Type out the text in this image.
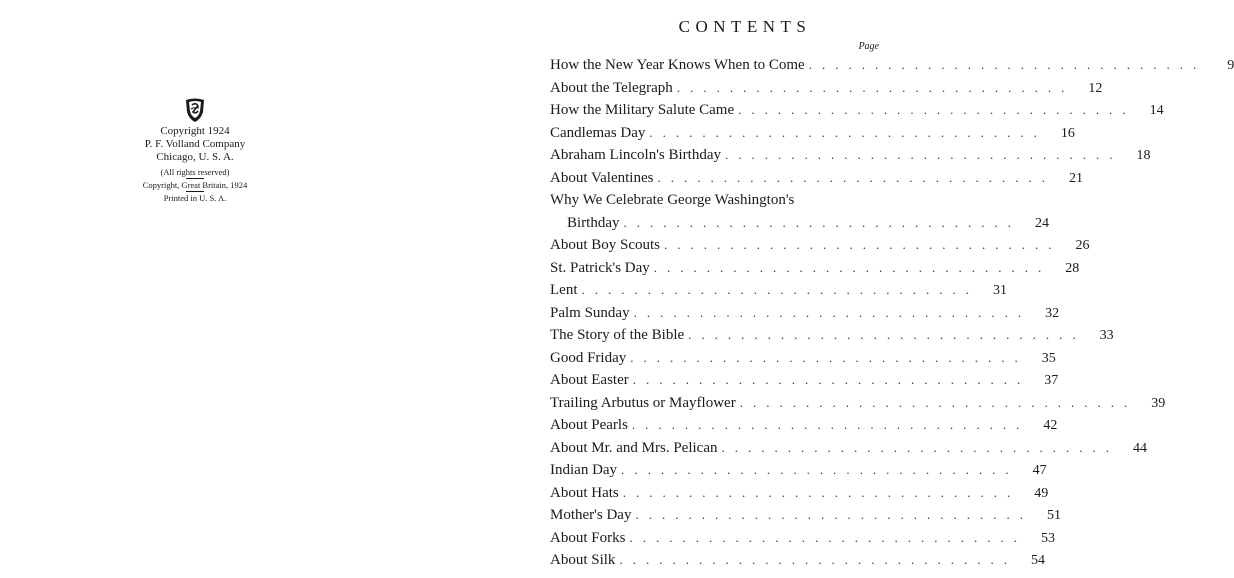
Copyright 1924
P. F. Volland Company
Chicago, U. S. A.
(All rights reserved)
Copyright, Great Britain, 1924
Printed in U. S. A.
CONTENTS
Page
How the New Year Knows When to Come ..............................	9
About the Telegraph ..............................	12
How the Military Salute Came ..............................	14
Candlemas Day ..............................	16
Abraham Lincoln's Birthday ..............................	18
About Valentines ..............................	21
Why We Celebrate George Washington's
Birthday ..............................	24
About Boy Scouts ..............................	26
St. Patrick's Day ..............................	28
Lent ..............................	31
Palm Sunday ..............................	32
The Story of the Bible ..............................	33
Good Friday ..............................	35
About Easter ..............................	37
Trailing Arbutus or Mayflower ..............................	39
About Pearls ..............................	42
About Mr. and Mrs. Pelican ..............................	44
Indian Day ..............................	47
About Hats ..............................	49
Mother's Day ..............................	51
About Forks ..............................	53
About Silk ..............................	54
